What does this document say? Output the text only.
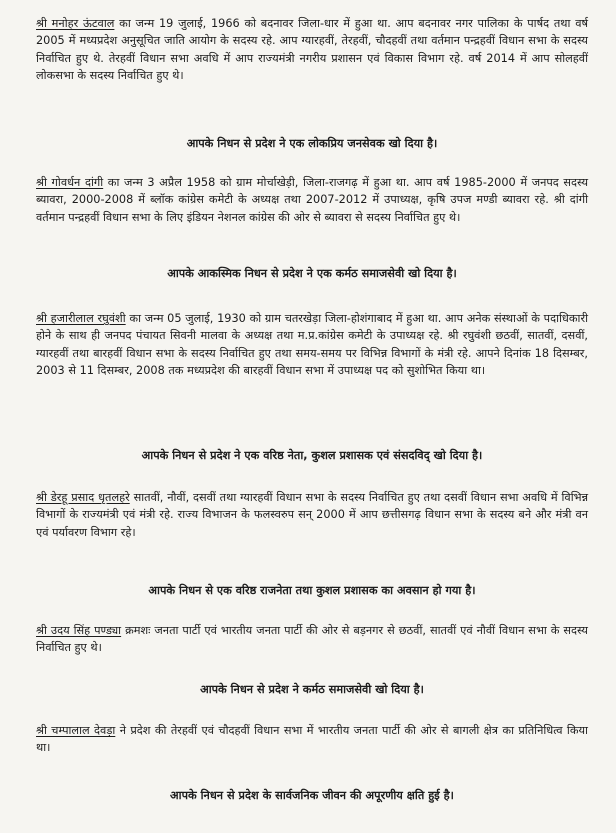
श्री मनोहर ऊंटवाल का जन्म 19 जुलाई, 1966 को बदनावर जिला-धार में हुआ था. आप बदनावर नगर पालिका के पार्षद तथा वर्ष 2005 में मध्यप्रदेश अनुसूचित जाति आयोग के सदस्य रहे. आप ग्यारहवीं, तेरहवीं, चौदहवीं तथा वर्तमान पन्द्रहवीं विधान सभा के सदस्य निर्वाचित हुए थे. तेरहवीं विधान सभा अवधि में आप राज्यमंत्री नगरीय प्रशासन एवं विकास विभाग रहे. वर्ष 2014 में आप सोलहवीं लोकसभा के सदस्य निर्वाचित हुए थे।

आपके निधन से प्रदेश ने एक लोकप्रिय जनसेवक खो दिया है।

श्री गोवर्धन दांगी का जन्म 3 अप्रैल 1958 को ग्राम मोर्चाखेड़ी, जिला-राजगढ़ में हुआ था. आप वर्ष 1985-2000 में जनपद सदस्य ब्यावरा, 2000-2008 में ब्लॉक कांग्रेस कमेटी के अध्यक्ष तथा 2007-2012 में उपाध्यक्ष, कृषि उपज मण्डी ब्यावरा रहे. श्री दांगी वर्तमान पन्द्रहवीं विधान सभा के लिए इंडियन नेशनल कांग्रेस की ओर से ब्यावरा से सदस्य निर्वाचित हुए थे।

आपके आकस्मिक निधन से प्रदेश ने एक कर्मठ समाजसेवी खो दिया है।

श्री हजारीलाल रघुवंशी का जन्म 05 जुलाई, 1930 को ग्राम चतरखेड़ा जिला-होशंगाबाद में हुआ था. आप अनेक संस्थाओं के पदाधिकारी होने के साथ ही जनपद पंचायत सिवनी मालवा के अध्यक्ष तथा म.प्र.कांग्रेस कमेटी के उपाध्यक्ष रहे. श्री रघुवंशी छठवीं, सातवीं, दसवीं, ग्यारहवीं तथा बारहवीं विधान सभा के सदस्य निर्वाचित हुए तथा समय-समय पर विभिन्न विभागों के मंत्री रहे. आपने दिनांक 18 दिसम्बर, 2003 से 11 दिसम्बर, 2008 तक मध्यप्रदेश की बारहवीं विधान सभा में उपाध्यक्ष पद को सुशोभित किया था।

आपके निधन से प्रदेश ने एक वरिष्ठ नेता, कुशल प्रशासक एवं संसदविद् खो दिया है।

श्री डेरहू प्रसाद धृतलहरे सातवीं, नौवीं, दसवीं तथा ग्यारहवीं विधान सभा के सदस्य निर्वाचित हुए तथा दसवीं विधान सभा अवधि में विभिन्न विभागों के राज्यमंत्री एवं मंत्री रहे. राज्य विभाजन के फलस्वरुप सन् 2000 में आप छत्तीसगढ़ विधान सभा के सदस्य बने और मंत्री वन एवं पर्यावरण विभाग रहे।

आपके निधन से एक वरिष्ठ राजनेता तथा कुशल प्रशासक का अवसान हो गया है।

श्री उदय सिंह पण्ड्या क्रमशः जनता पार्टी एवं भारतीय जनता पार्टी की ओर से बड़नगर से छठवीं, सातवीं एवं नौवीं विधान सभा के सदस्य निर्वाचित हुए थे।

आपके निधन से प्रदेश ने कर्मठ समाजसेवी खो दिया है।

श्री चम्पालाल देवड़ा ने प्रदेश की तेरहवीं एवं चौदहवीं विधान सभा में भारतीय जनता पार्टी की ओर से बागली क्षेत्र का प्रतिनिधित्व किया था।

आपके निधन से प्रदेश के सार्वजनिक जीवन की अपूरणीय क्षति हुई है।
